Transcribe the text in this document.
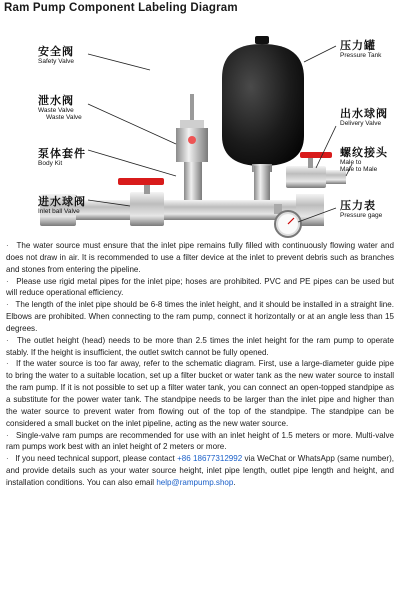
Ram Pump Component Labeling Diagram
安全阀
Safety Valve
泄水阀
Waste Valve
Waste Valve
泵体套件
Body Kit
进水球阀
Inlet ball Valve
压力罐
Pressure Tank
出水球阀
Delivery Valve
螺纹接头
Male to
Male to Male
压力表
Pressure gage

· The water source must ensure that the inlet pipe remains fully filled with continuously flowing water and does not draw in air. It is recommended to use a filter device at the inlet to prevent debris such as branches and stones from entering the pipeline.

· Please use rigid metal pipes for the inlet pipe; hoses are prohibited. PVC and PE pipes can be used but will reduce operational efficiency.

· The length of the inlet pipe should be 6-8 times the inlet height, and it should be installed in a straight line. Elbows are prohibited. When connecting to the ram pump, connect it horizontally or at an angle less than 15 degrees.

· The outlet height (head) needs to be more than 2.5 times the inlet height for the ram pump to operate stably. If the height is insufficient, the outlet switch cannot be fully opened.

· If the water source is too far away, refer to the schematic diagram. First, use a large-diameter guide pipe to bring the water to a suitable location, set up a filter bucket or water tank as the new water source to install the ram pump. If it is not possible to set up a filter water tank, you can connect an open-topped standpipe as a substitute for the power water tank. The standpipe needs to be larger than the inlet pipe and higher than the water source to prevent water from flowing out of the top of the standpipe. The standpipe can be considered a small bucket on the inlet pipeline, acting as the new water source.

· Single-valve ram pumps are recommended for use with an inlet height of 1.5 meters or more. Multi-valve ram pumps work best with an inlet height of 2 meters or more.

· If you need technical support, please contact +86 18677312992 via WeChat or WhatsApp (same number), and provide details such as your water source height, inlet pipe length, outlet pipe length and height, and installation conditions. You can also email help@rampump.shop.
